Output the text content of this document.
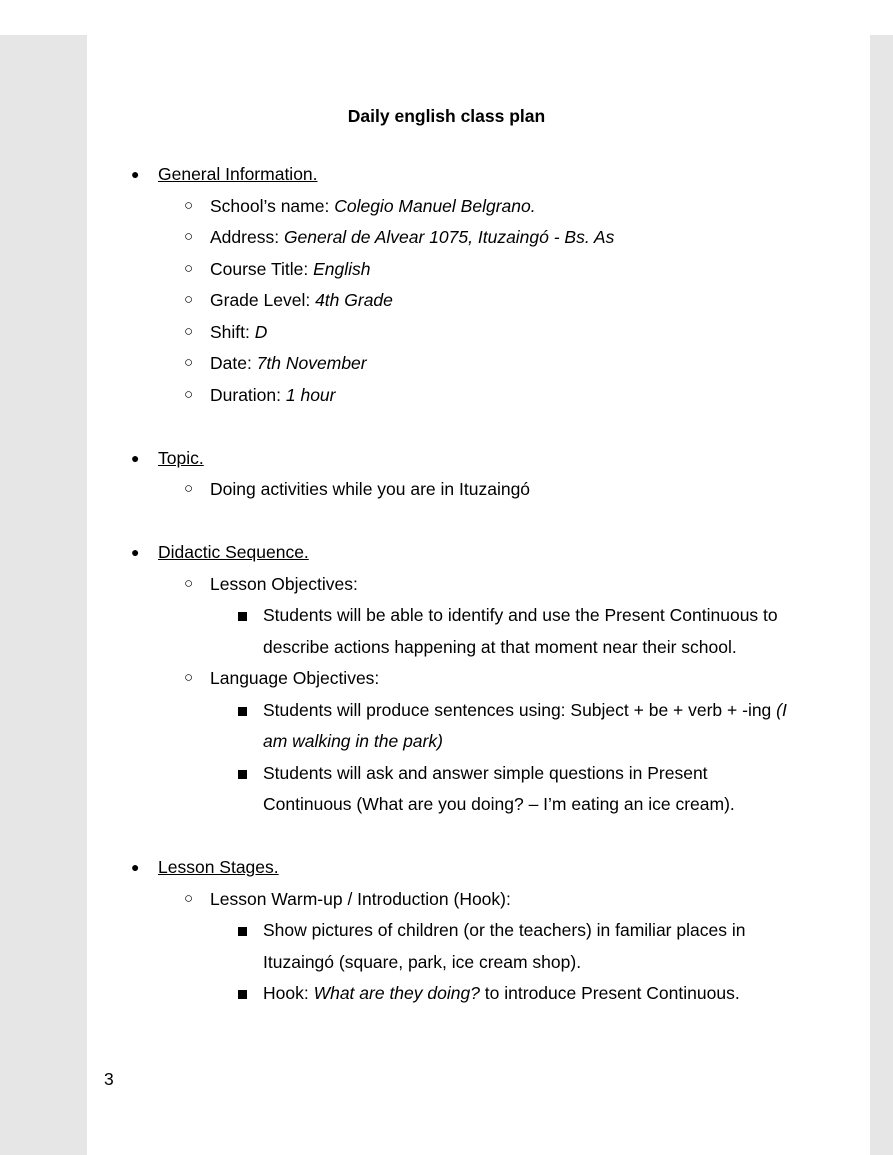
Daily english class plan
● General Information.
○ School’s name: Colegio Manuel Belgrano.
○ Address: General de Alvear 1075, Ituzaingó - Bs. As
○ Course Title: English
○ Grade Level: 4th Grade
○ Shift: D
○ Date: 7th November
○ Duration: 1 hour
● Topic.
○ Doing activities while you are in Ituzaingó
● Didactic Sequence.
○ Lesson Objectives:
Students will be able to identify and use the Present Continuous to
describe actions happening at that moment near their school.
○ Language Objectives:
Students will produce sentences using: Subject + be + verb + -ing (I
am walking in the park)
Students will ask and answer simple questions in Present
Continuous (What are you doing? – I’m eating an ice cream).
● Lesson Stages.
○ Lesson Warm-up / Introduction (Hook):
Show pictures of children (or the teachers) in familiar places in
Ituzaingó (square, park, ice cream shop).
Hook: What are they doing? to introduce Present Continuous.
3
